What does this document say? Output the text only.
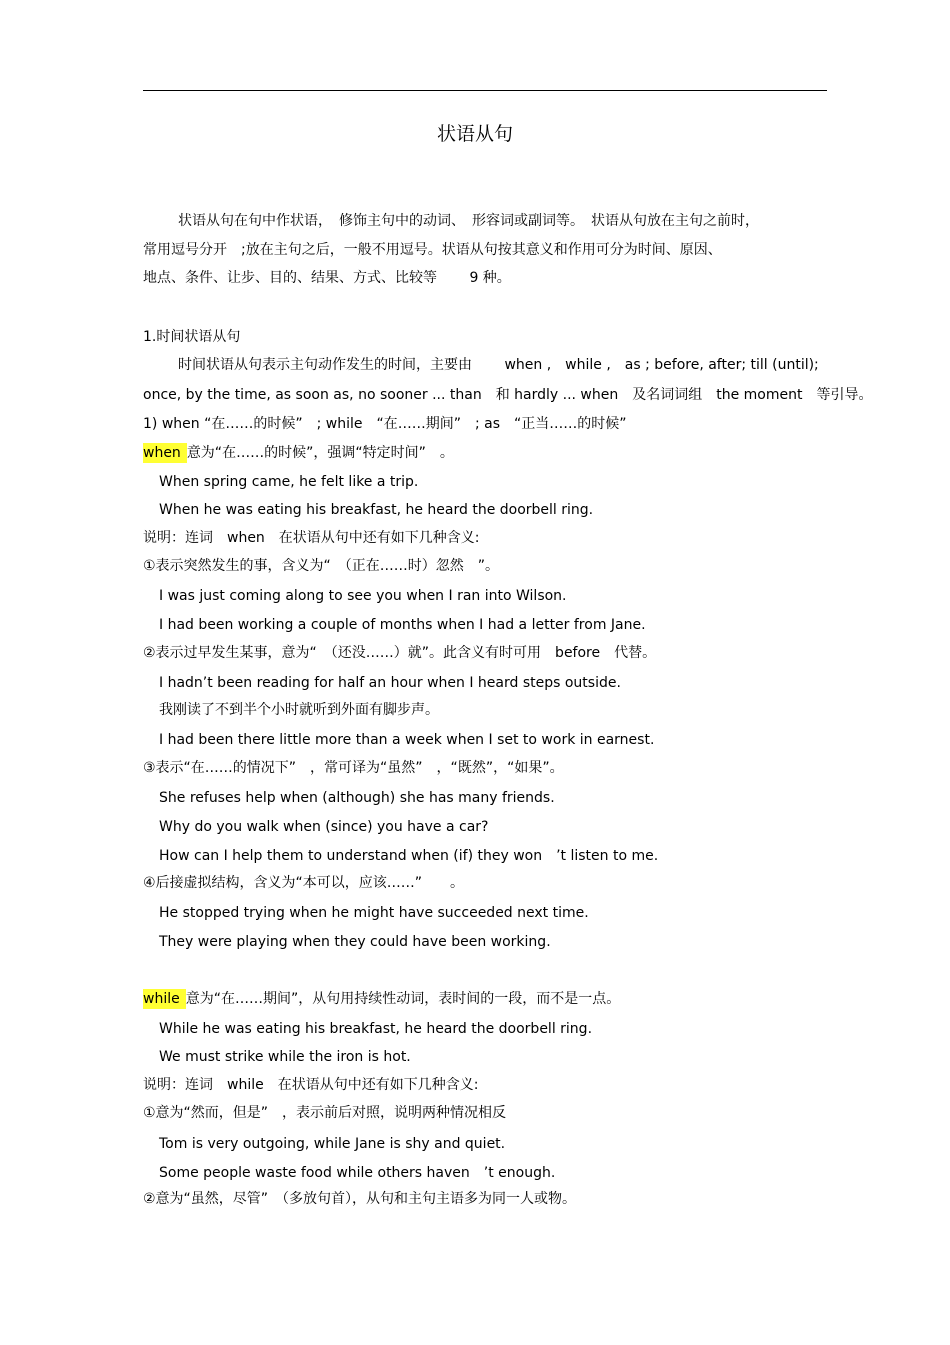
状语从句
状语从句在句中作状语，　修饰主句中的动词、　形容词或副词等。　状语从句放在主句之前时，
常用逗号分开　;放在主句之后，一般不用逗号。状语从句按其意义和作用可分为时间、原因、
地点、条件、让步、目的、结果、方式、比较等　　 9 种。
1.时间状语从句
时间状语从句表示主句动作发生的时间，主要由　　 when ,　while ,　as ; before, after; till (until);
once, by the time, as soon as, no sooner ... than　和 hardly ... when　及名词词组　the moment　等引导。
1) when “在……的时候”　; while　“在……期间”　; as　“正当……的时候”
when 意为“在……的时候”，强调“特定时间”　。
When spring came, he felt like a trip.
When he was eating his breakfast, he heard the doorbell ring.
说明：连词　when　在状语从句中还有如下几种含义:
①表示突然发生的事，含义为“　（正在……时）忽然　”。
I was just coming along to see you when I ran into Wilson.
I had been working a couple of months when I had a letter from Jane.
②表示过早发生某事，意为“　（还没……）就”。此含义有时可用　before　代替。
I hadn’t been reading for half an hour when I heard steps outside.
我刚读了不到半个小时就听到外面有脚步声。
I had been there little more than a week when I set to work in earnest.
③表示“在……的情况下”　，常可译为“虽然”　，“既然”，“如果”。
She refuses help when (although) she has many friends.
Why do you walk when (since) you have a car?
How can I help them to understand when (if) they won　’t listen to me.
④后接虚拟结构，含义为“本可以，应该……”　　。
He stopped trying when he might have succeeded next time.
They were playing when they could have been working.
while 意为“在……期间”，从句用持续性动词，表时间的一段，而不是一点。
While he was eating his breakfast, he heard the doorbell ring.
We must strike while the iron is hot.
说明：连词　while　在状语从句中还有如下几种含义:
①意为“然而，但是”　，表示前后对照，说明两种情况相反
Tom is very outgoing, while Jane is shy and quiet.
Some people waste food while others haven　’t enough.
②意为“虽然，尽管”　（多放句首），从句和主句主语多为同一人或物。
